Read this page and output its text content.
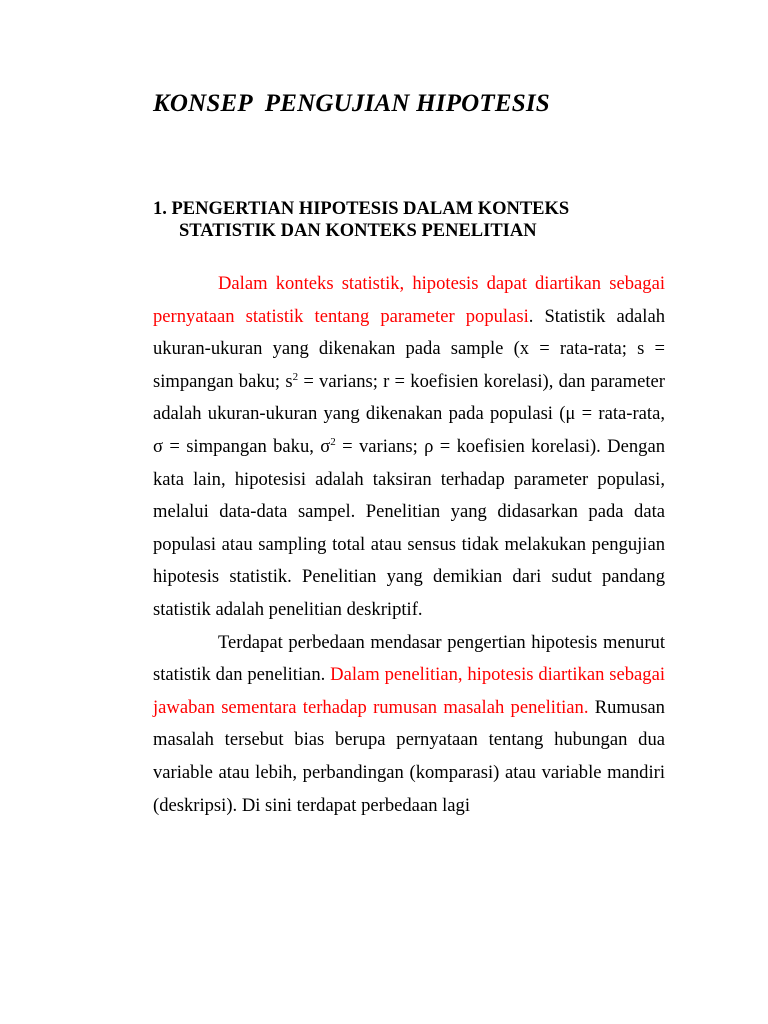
KONSEP  PENGUJIAN HIPOTESIS
1. PENGERTIAN HIPOTESIS DALAM KONTEKS
STATISTIK DAN KONTEKS PENELITIAN

Dalam konteks statistik, hipotesis dapat diartikan sebagai pernyataan statistik tentang parameter populasi. Statistik adalah ukuran-ukuran yang dikenakan pada sample (x = rata-rata; s = simpangan baku; $s^2$ = varians; r = koefisien korelasi), dan parameter adalah ukuran-ukuran yang dikenakan pada populasi (μ = rata-rata, σ = simpangan baku, $\sigma^2$ = varians; ρ = koefisien korelasi). Dengan kata lain, hipotesisi adalah taksiran terhadap parameter populasi, melalui data-data sampel. Penelitian yang didasarkan pada data populasi atau sampling total atau sensus tidak melakukan pengujian hipotesis statistik. Penelitian yang demikian dari sudut pandang statistik adalah penelitian deskriptif.

Terdapat perbedaan mendasar pengertian hipotesis menurut statistik dan penelitian. Dalam penelitian, hipotesis diartikan sebagai jawaban sementara terhadap rumusan masalah penelitian. Rumusan masalah tersebut bias berupa pernyataan tentang hubungan dua variable atau lebih, perbandingan (komparasi) atau variable mandiri (deskripsi). Di sini terdapat perbedaan lagi
